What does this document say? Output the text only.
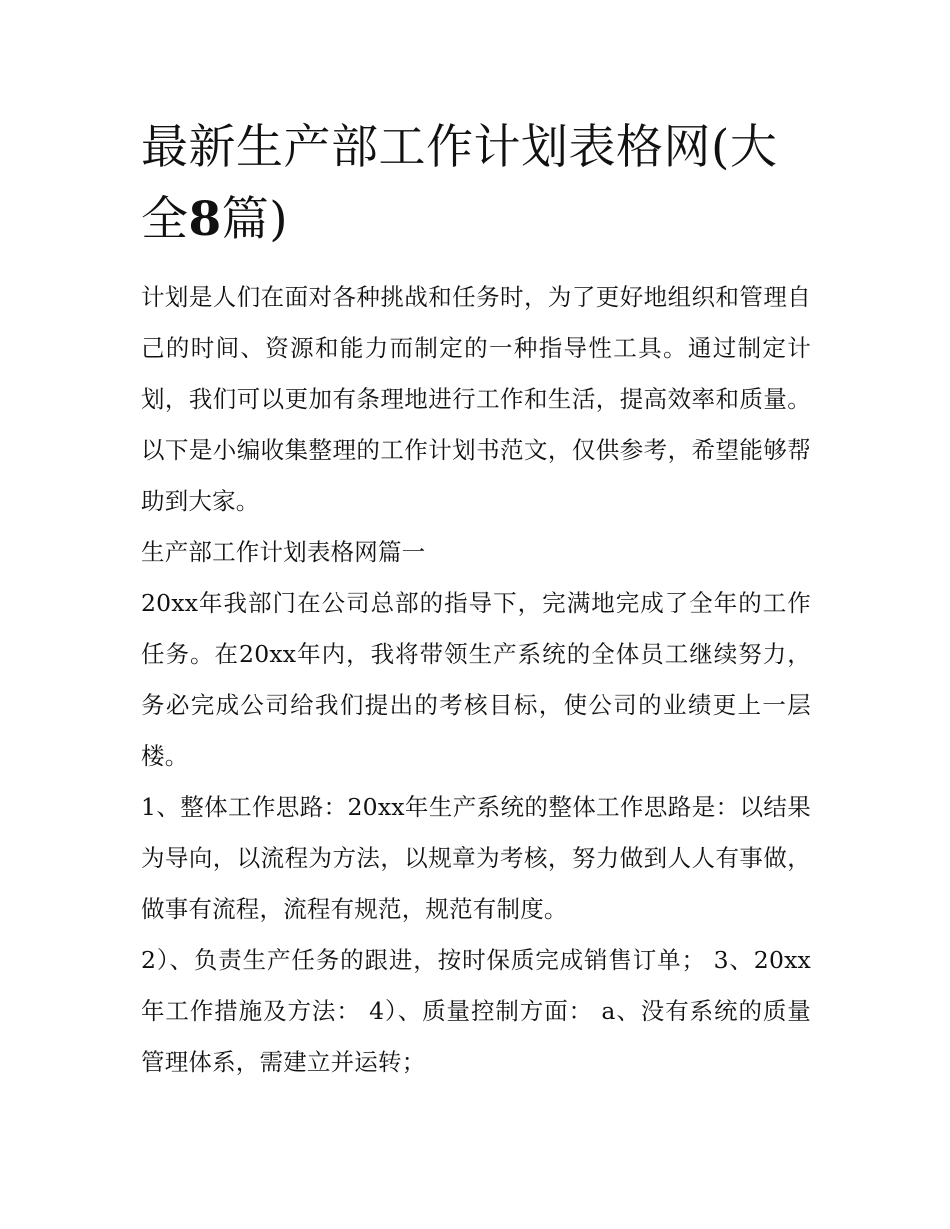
最新生产部工作计划表格网(大全8篇)

计划是人们在面对各种挑战和任务时，为了更好地组织和管理自己的时间、资源和能力而制定的一种指导性工具。通过制定计划，我们可以更加有条理地进行工作和生活，提高效率和质量。以下是小编收集整理的工作计划书范文，仅供参考，希望能够帮助到大家。

生产部工作计划表格网篇一

20xx年我部门在公司总部的指导下，完满地完成了全年的工作任务。在20xx年内，我将带领生产系统的全体员工继续努力，务必完成公司给我们提出的考核目标，使公司的业绩更上一层楼。

1、整体工作思路：20xx年生产系统的整体工作思路是：以结果为导向，以流程为方法，以规章为考核，努力做到人人有事做，做事有流程，流程有规范，规范有制度。

2）、负责生产任务的跟进，按时保质完成销售订单； 3、20xx年工作措施及方法： 4）、质量控制方面： a、没有系统的质量管理体系，需建立并运转；
